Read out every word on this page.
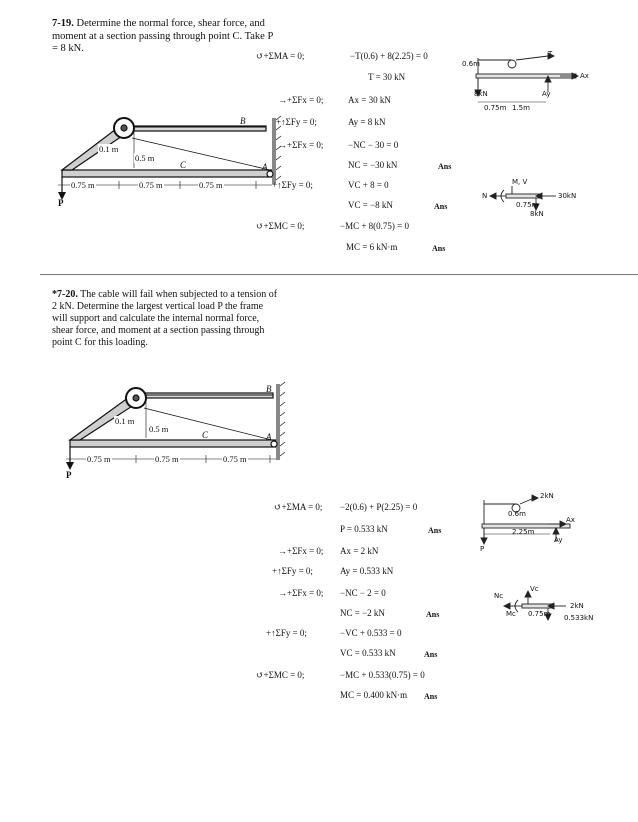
7-19. Determine the normal force, shear force, and moment at a section passing through point C. Take P = 8 kN.
0.1 m
0.5 m
0.75 m	0.75 m	0.75 m
B
C	A
P
↺+ΣMA = 0;	−T(0.6) + 8(2.25) = 0
T = 30 kN
→+ΣFx = 0;	Ax = 30 kN
+↑ΣFy = 0;	Ay = 8 kN
→+ΣFx = 0;	−NC − 30 = 0
NC = −30 kN	Ans
+↑ΣFy = 0;	VC + 8 = 0
VC = −8 kN	Ans
↺+ΣMC = 0;	−MC + 8(0.75) = 0
MC = 6 kN·m	Ans
T
0.6m
Ax
Ay
8kN
0.75m 1.5m
M, V
N	30kN
0.75m
8kN
*7-20. The cable will fail when subjected to a tension of 2 kN. Determine the largest vertical load P the frame will support and calculate the internal normal force, shear force, and moment at a section passing through point C for this loading.
0.1 m
0.5 m
0.75 m	0.75 m	0.75 m
B
C	A
P
↺+ΣMA = 0; −2(0.6) + P(2.25) = 0
P = 0.533 kN	Ans
→+ΣFx = 0; Ax = 2 kN
+↑ΣFy = 0;	Ay = 0.533 kN
→+ΣFx = 0; −NC − 2 = 0
NC = −2 kN	Ans
+↑ΣFy = 0;	−VC + 0.533 = 0
VC = 0.533 kN	Ans
↺+ΣMC = 0;	−MC + 0.533(0.75) = 0
MC = 0.400 kN·m Ans
2kN
0.6m
Ax
Ay
P
2.25m
Vc
Nc
Mc 0.75m
2kN
0.533kN
